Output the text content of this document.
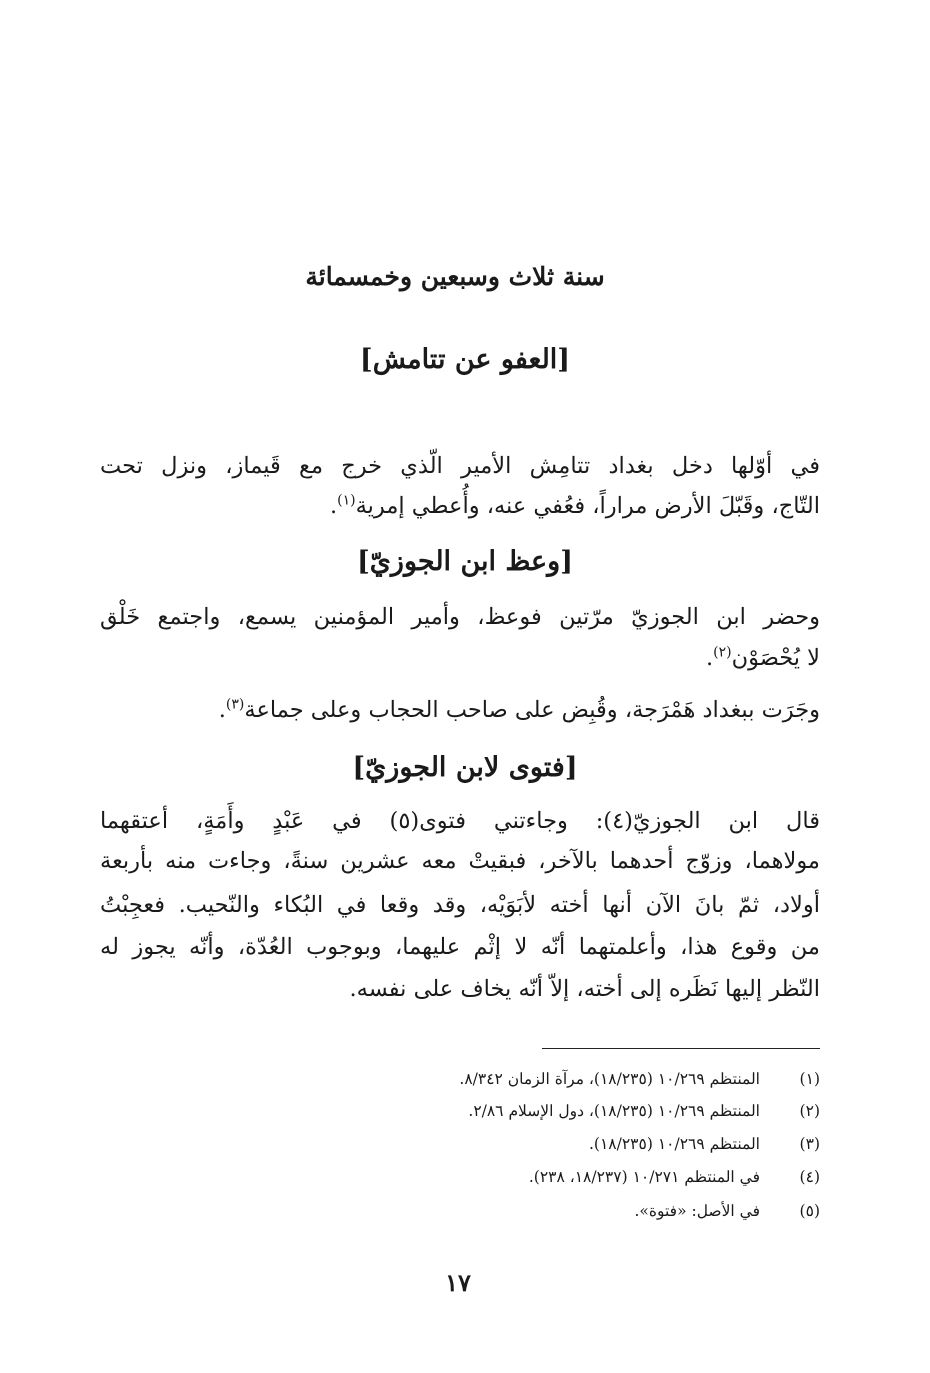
سنة ثلاث وسبعين وخمسمائة
[العفو عن تتامش]
في أوّلها دخل بغداد تتامِش الأمير الّذي خرج مع قَيماز، ونزل تحت
التّاج، وقَبّلَ الأرض مراراً، فعُفي عنه، وأُعطي إمرية$^{(١)}$.
[وعظ ابن الجوزيّ]
وحضر ابن الجوزيّ مرّتين فوعظ، وأمير المؤمنين يسمع، واجتمع خَلْق
لا يُحْصَوْن$^{(٢)}$.
وجَرَت ببغداد هَمْرَجة، وقُبِض على صاحب الحجاب وعلى جماعة$^{(٣)}$.
[فتوى لابن الجوزيّ]
قال ابن الجوزيّ(٤): وجاءتني فتوى(٥) في عَبْدٍ وأَمَةٍ، أعتقهما
مولاهما، وزوّج أحدهما بالآخر، فبقيتْ معه عشرين سنةً، وجاءت منه بأربعة
أولاد، ثمّ بانَ الآن أنها أخته لأبَوَيْه، وقد وقعا في البُكاء والنّحيب. فعجِبْتُ
من وقوع هذا، وأعلمتهما أنّه لا إثْم عليهما، وبوجوب العُدّة، وأنّه يجوز له
النّظر إليها نَظَره إلى أخته، إلاّ أنّه يخاف على نفسه.
(١)المنتظم ١٠/٢٦٩ (١٨/٢٣٥)، مرآة الزمان ٨/٣٤٢.
(٢)المنتظم ١٠/٢٦٩ (١٨/٢٣٥)، دول الإسلام ٢/٨٦.
(٣)المنتظم ١٠/٢٦٩ (١٨/٢٣٥).
(٤)في المنتظم ١٠/٢٧١ (١٨/٢٣٧، ٢٣٨).
(٥)في الأصل: «فتوة».
١٧
